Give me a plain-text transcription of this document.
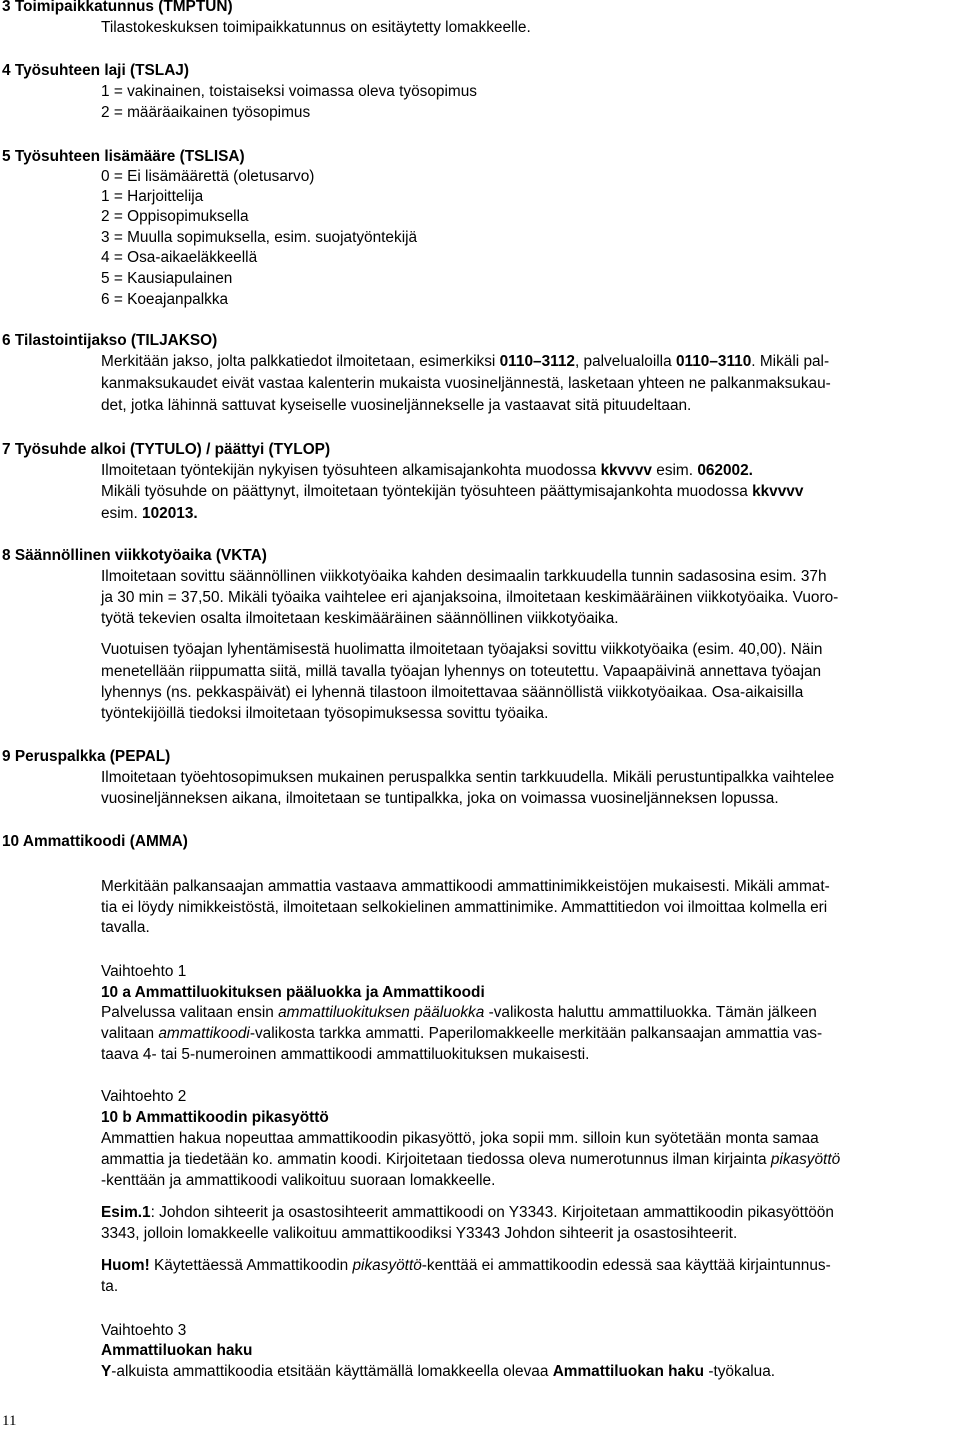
3 Toimipaikkatunnus (TMPTUN)
Tilastokeskuksen toimipaikkatunnus on esitäytetty lomakkeelle.
4 Työsuhteen laji (TSLAJ)
1 = vakinainen, toistaiseksi voimassa oleva työsopimus
2 = määräaikainen työsopimus
5 Työsuhteen lisämääre (TSLISA)
0 = Ei lisämäärettä (oletusarvo)
1 = Harjoittelija
2 = Oppisopimuksella
3 = Muulla sopimuksella, esim. suojatyöntekijä
4 = Osa-aikaeläkkeellä
5 = Kausiapulainen
6 = Koeajanpalkka
6 Tilastointijakso (TILJAKSO)
Merkitään jakso, jolta palkkatiedot ilmoitetaan, esimerkiksi 0110–3112, palvelualoilla 0110–3110. Mikäli pal-
kanmaksukaudet eivät vastaa kalenterin mukaista vuosineljännestä, lasketaan yhteen ne palkanmaksukau-
det, jotka lähinnä sattuvat kyseiselle vuosineljännekselle ja vastaavat sitä pituudeltaan.
7 Työsuhde alkoi (TYTULO) / päättyi (TYLOP)
Ilmoitetaan työntekijän nykyisen työsuhteen alkamisajankohta muodossa kkvvvv esim. 062002.
Mikäli työsuhde on päättynyt, ilmoitetaan työntekijän työsuhteen päättymisajankohta muodossa kkvvvv
esim. 102013.
8 Säännöllinen viikkotyöaika (VKTA)
Ilmoitetaan sovittu säännöllinen viikkotyöaika kahden desimaalin tarkkuudella tunnin sadasosina esim. 37h
ja 30 min = 37,50. Mikäli työaika vaihtelee eri ajanjaksoina, ilmoitetaan keskimääräinen viikkotyöaika. Vuoro-
työtä tekevien osalta ilmoitetaan keskimääräinen säännöllinen viikkotyöaika.
Vuotuisen työajan lyhentämisestä huolimatta ilmoitetaan työajaksi sovittu viikkotyöaika (esim. 40,00). Näin
menetellään riippumatta siitä, millä tavalla työajan lyhennys on toteutettu. Vapaapäivinä annettava työajan
lyhennys (ns. pekkaspäivät) ei lyhennä tilastoon ilmoitettavaa säännöllistä viikkotyöaikaa. Osa-aikaisilla
työntekijöillä tiedoksi ilmoitetaan työsopimuksessa sovittu työaika.
9 Peruspalkka (PEPAL)
Ilmoitetaan työehtosopimuksen mukainen peruspalkka sentin tarkkuudella. Mikäli perustuntipalkka vaihtelee
vuosineljänneksen aikana, ilmoitetaan se tuntipalkka, joka on voimassa vuosineljänneksen lopussa.
10 Ammattikoodi (AMMA)
Merkitään palkansaajan ammattia vastaava ammattikoodi ammattinimikkeistöjen mukaisesti. Mikäli ammat-
tia ei löydy nimikkeistöstä, ilmoitetaan selkokielinen ammattinimike. Ammattitiedon voi ilmoittaa kolmella eri
tavalla.
Vaihtoehto 1
10 a Ammattiluokituksen pääluokka ja Ammattikoodi
Palvelussa valitaan ensin ammattiluokituksen pääluokka -valikosta haluttu ammattiluokka. Tämän jälkeen
valitaan ammattikoodi-valikosta tarkka ammatti. Paperilomakkeelle merkitään palkansaajan ammattia vas-
taava 4- tai 5-numeroinen ammattikoodi ammattiluokituksen mukaisesti.
Vaihtoehto 2
10 b Ammattikoodin pikasyöttö
Ammattien hakua nopeuttaa ammattikoodin pikasyöttö, joka sopii mm. silloin kun syötetään monta samaa
ammattia ja tiedetään ko. ammatin koodi. Kirjoitetaan tiedossa oleva numerotunnus ilman kirjainta pikasyöttö
-kenttään ja ammattikoodi valikoituu suoraan lomakkeelle.
Esim.1: Johdon sihteerit ja osastosihteerit ammattikoodi on Y3343. Kirjoitetaan ammattikoodin pikasyöttöön
3343, jolloin lomakkeelle valikoituu ammattikoodiksi Y3343 Johdon sihteerit ja osastosihteerit.
Huom! Käytettäessä Ammattikoodin pikasyöttö-kenttää ei ammattikoodin edessä saa käyttää kirjaintunnus-
ta.
Vaihtoehto 3
Ammattiluokan haku
Y-alkuista ammattikoodia etsitään käyttämällä lomakkeella olevaa Ammattiluokan haku -työkalua.
11
